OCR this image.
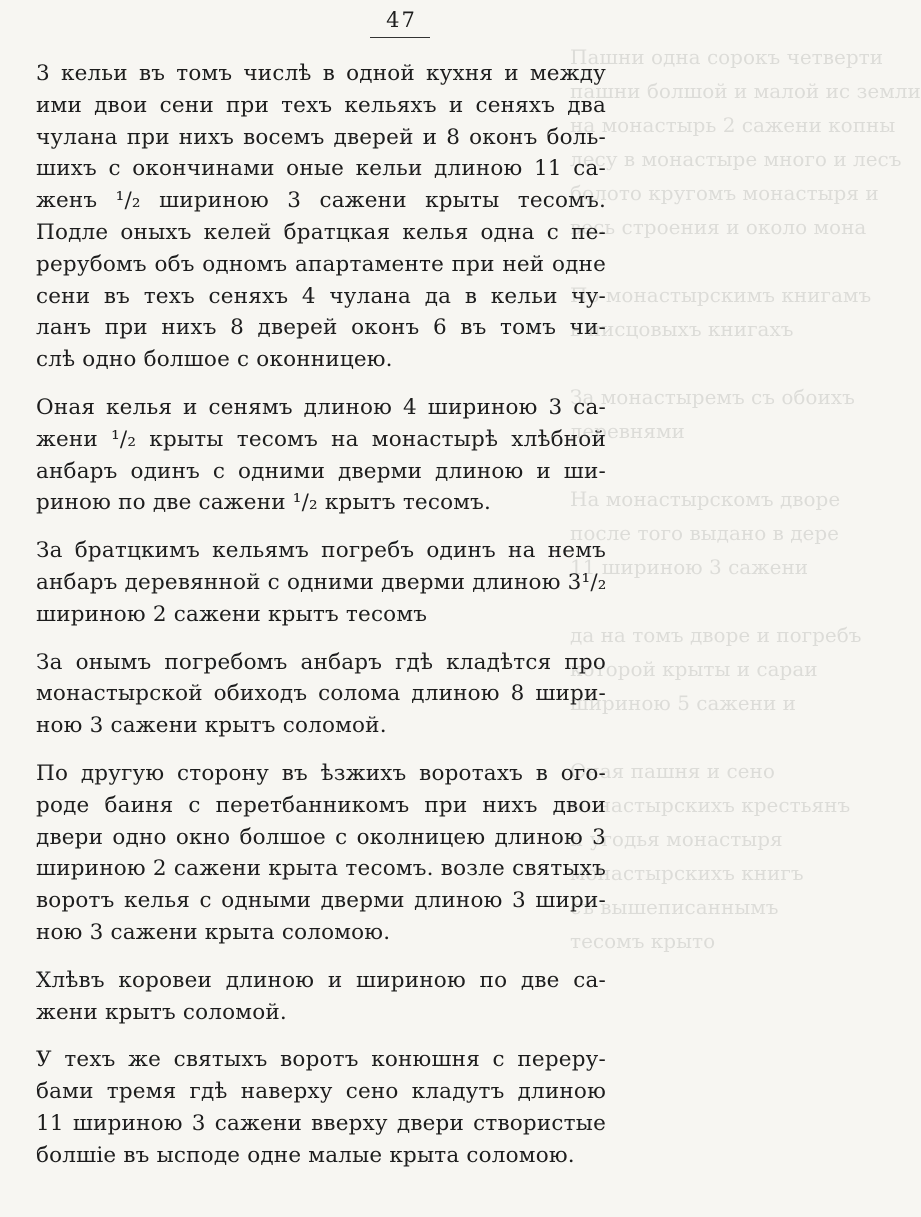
Пашни одна сорокъ четверти
пашни болшой и малой ис земли
на монастырь 2 сажени копны
лесу в монастыре много и лесъ
болото кругомъ монастыря и
весь строения и около мона

По монастырскимъ книгамъ
в писцовыхъ книгахъ

За монастыремъ съ обоихъ
деревнями

На монастырскомъ дворе
после того выдано в дере
11 шириною 3 сажени

да на томъ дворе и погребъ
которой крыты и сараи
шириною 5 сажени и

Оная пашня и сено
монастырскихъ крестьянъ
и угодья монастыря
монастырскихъ книгъ
съ вышеписаннымъ
тесомъ крыто
47
3 кельи въ томъ числѣ в одной кухня и между
ими двои сени при техъ кельяхъ и сеняхъ два
чулана при нихъ восемъ дверей и 8 оконъ боль-
шихъ с окончинами оные кельи длиною 11 са-
женъ ¹/₂ шириною 3 сажени крыты тесомъ.
Подле оныхъ келей братцкая келья одна с пе-
рерубомъ объ одномъ апартаменте при ней одне
сени въ техъ сеняхъ 4 чулана да в кельи чу-
ланъ при нихъ 8 дверей оконъ 6 въ томъ чи-
слѣ одно болшое с оконницею.
Оная келья и сенямъ длиною 4 шириною 3 са-
жени ¹/₂ крыты тесомъ на монастырѣ хлѣбной
анбаръ одинъ с одними дверми длиною и ши-
риною по две сажени ¹/₂ крытъ тесомъ.
За братцкимъ кельямъ погребъ одинъ на немъ
анбаръ деревянной с одними дверми длиною 3¹/₂
шириною 2 сажени крытъ тесомъ
За онымъ погребомъ анбаръ гдѣ кладѣтся про
монастырской обиходъ солома длиною 8 шири-
ною 3 сажени крытъ соломой.
По другую сторону въ ѣзжихъ воротахъ в ого-
роде баиня с перетбанникомъ при нихъ двои
двери одно окно болшое с околницею длиною 3
шириною 2 сажени крыта тесомъ. возле святыхъ
воротъ келья с одными дверми длиною 3 шири-
ною 3 сажени крыта соломою.
Хлѣвъ коровеи длиною и шириною по две са-
жени крытъ соломой.
У техъ же святыхъ воротъ конюшня с переру-
бами тремя гдѣ наверху сено кладутъ длиною
11 шириною 3 сажени вверху двери створистые
болшiе въ ысподе одне малые крыта соломою.
